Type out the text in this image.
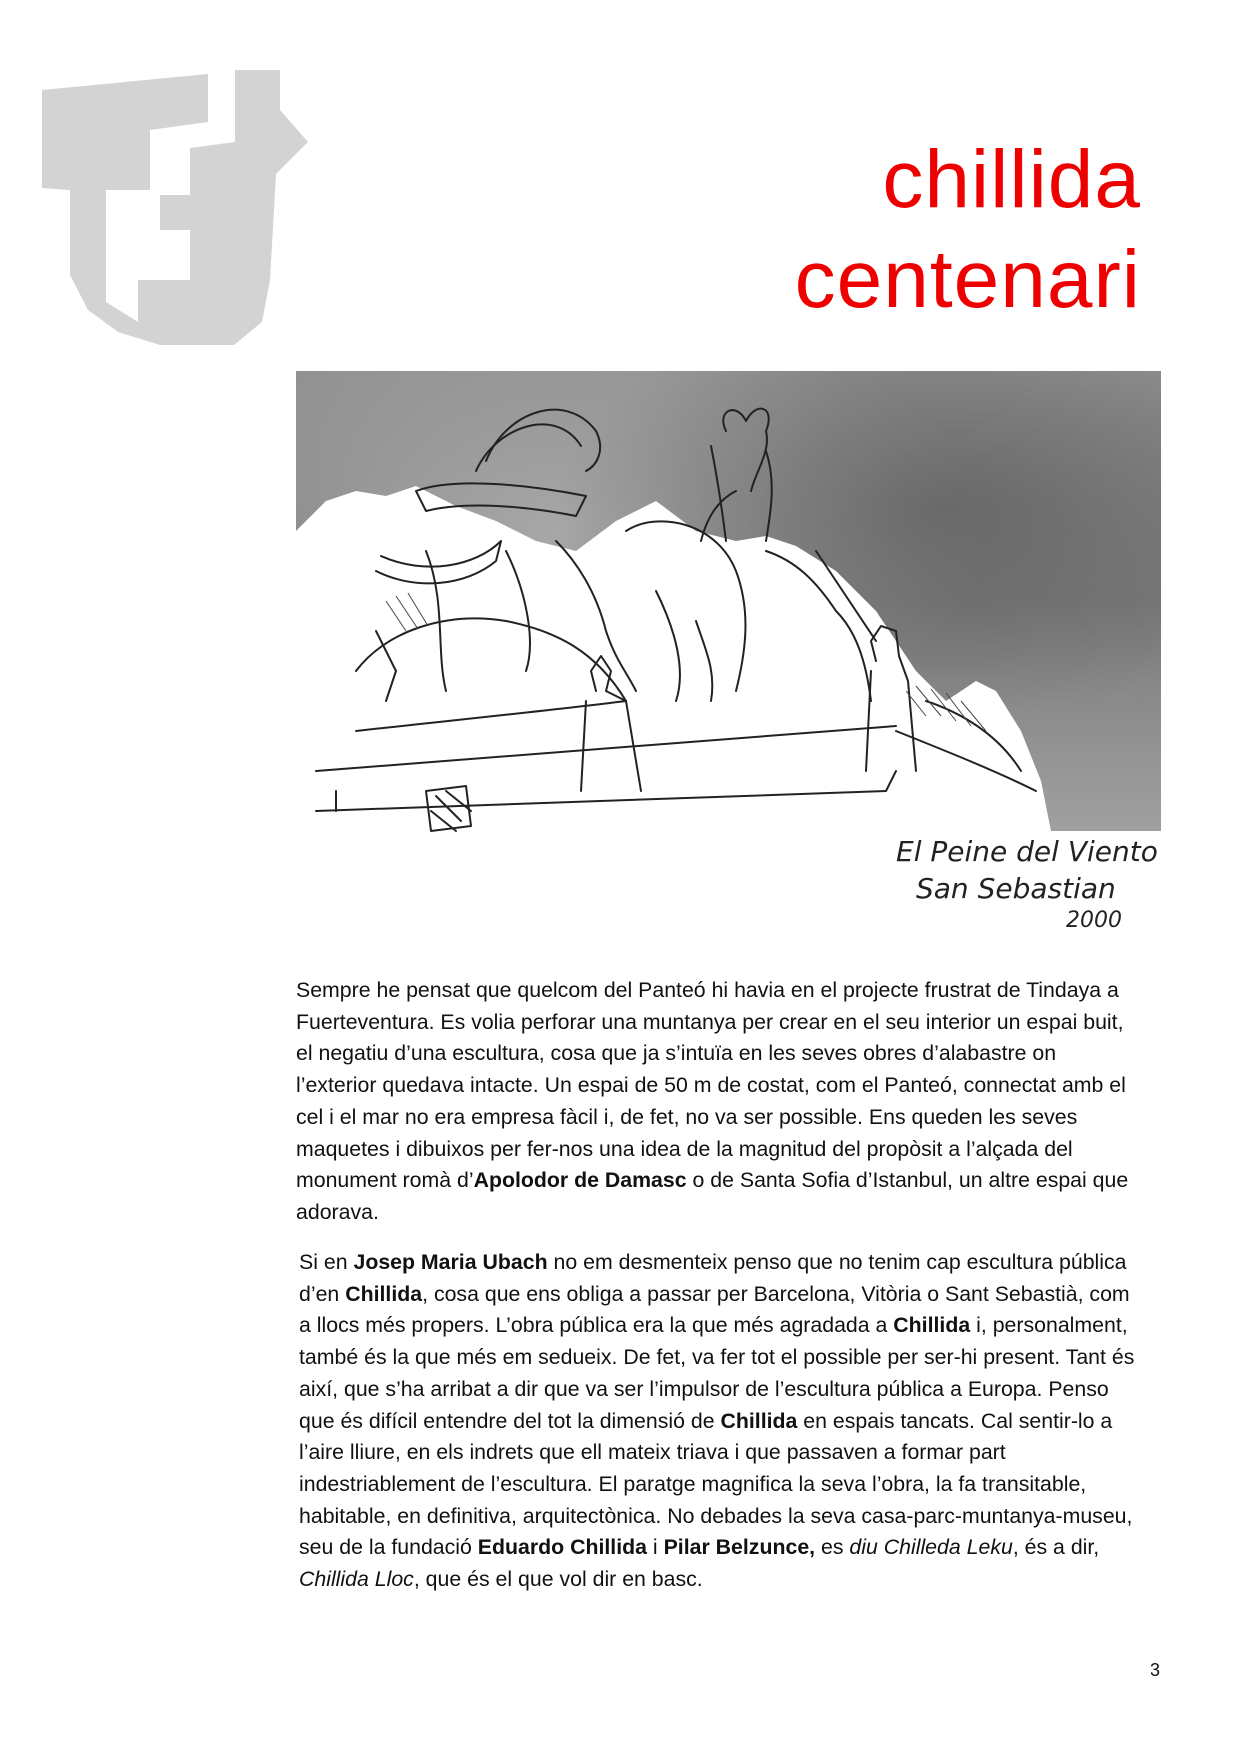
chillida
centenari
El Peine del Viento
San Sebastian
2000

Sempre he pensat que quelcom del Panteó hi havia en el projecte frustrat de Tindaya a Fuerteventura. Es volia perforar una muntanya per crear en el seu interior un espai buit, el negatiu d’una escultura, cosa que ja s’intuïa en les seves obres d’alabastre on l’exterior quedava intacte. Un espai de 50 m de costat, com el Panteó, connectat amb el cel i el mar no era empresa fàcil i, de fet, no va ser possible. Ens queden les seves maquetes i dibuixos per fer-nos una idea de la magnitud del propòsit a l’alçada del monument romà d’Apolodor de Damasc o de Santa Sofia d’Istanbul, un altre espai que adorava.

Si en Josep Maria Ubach no em desmenteix penso que no tenim cap escultura pública d’en Chillida, cosa que ens obliga a passar per Barcelona, Vitòria o Sant Sebastià, com a llocs més propers. L’obra pública era la que més agradada a Chillida i, personalment, també és la que més em sedueix. De fet, va fer tot el possible per ser-hi present. Tant és així, que s’ha arribat a dir que va ser l’impulsor de l’escultura pública a Europa. Penso que és difícil entendre del tot la dimensió de Chillida en espais tancats. Cal sentir-lo a l’aire lliure, en els indrets que ell mateix triava i que passaven a formar part indestriablement de l’escultura. El paratge magnifica la seva l’obra, la fa transitable, habitable, en definitiva, arquitectònica. No debades la seva casa-parc-muntanya-museu, seu de la fundació Eduardo Chillida i Pilar Belzunce, es diu Chilleda Leku, és a dir, Chillida Lloc, que és el que vol dir en basc.

3
